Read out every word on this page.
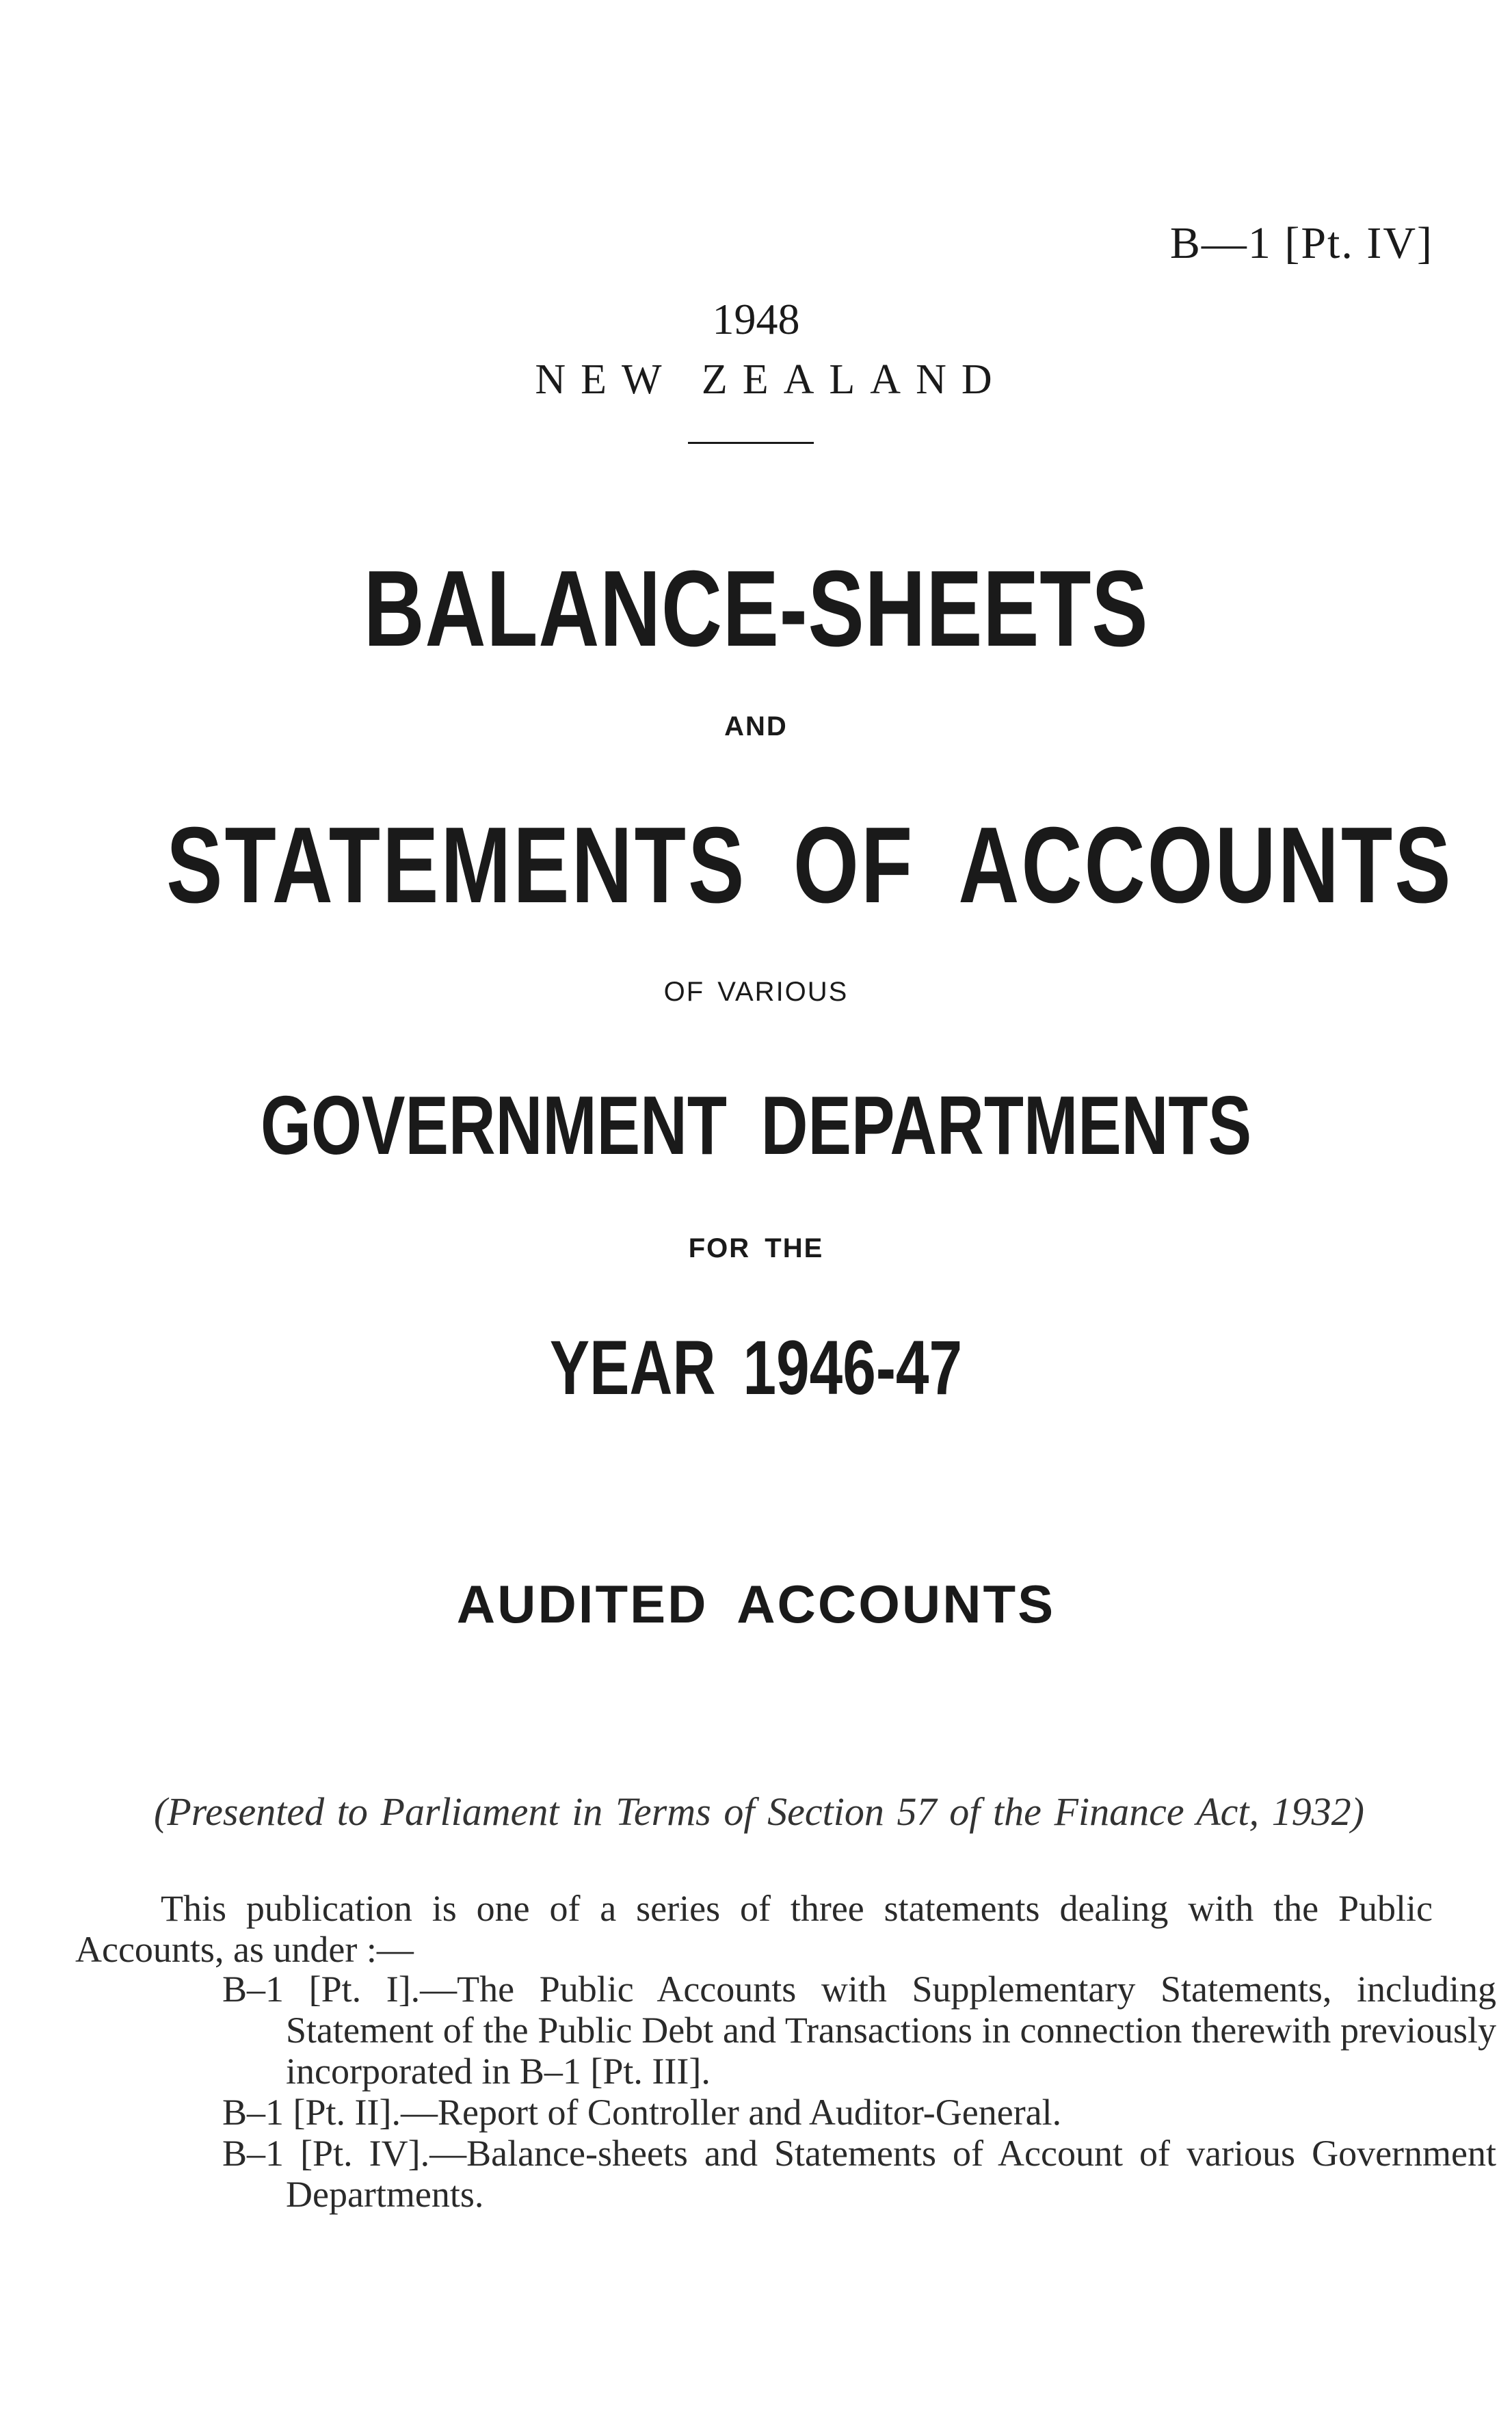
B—1 [Pt. IV]
1948
NEW ZEALAND
BALANCE-SHEETS
AND
STATEMENTS OF ACCOUNTS
OF VARIOUS
GOVERNMENT DEPARTMENTS
FOR THE
YEAR 1946-47
AUDITED ACCOUNTS
(Presented to Parliament in Terms of Section 57 of the Finance Act, 1932)
This publication is one of a series of three statements dealing with the Public
Accounts, as under :—
B–1 [Pt. I].—The Public Accounts with Supplementary Statements, including Statement of the Public Debt and Transactions in connection therewith previously incorporated in B–1 [Pt. III].
B–1 [Pt. II].—Report of Controller and Auditor-General.
B–1 [Pt. IV].—Balance-sheets and Statements of Account of various Government Departments.
